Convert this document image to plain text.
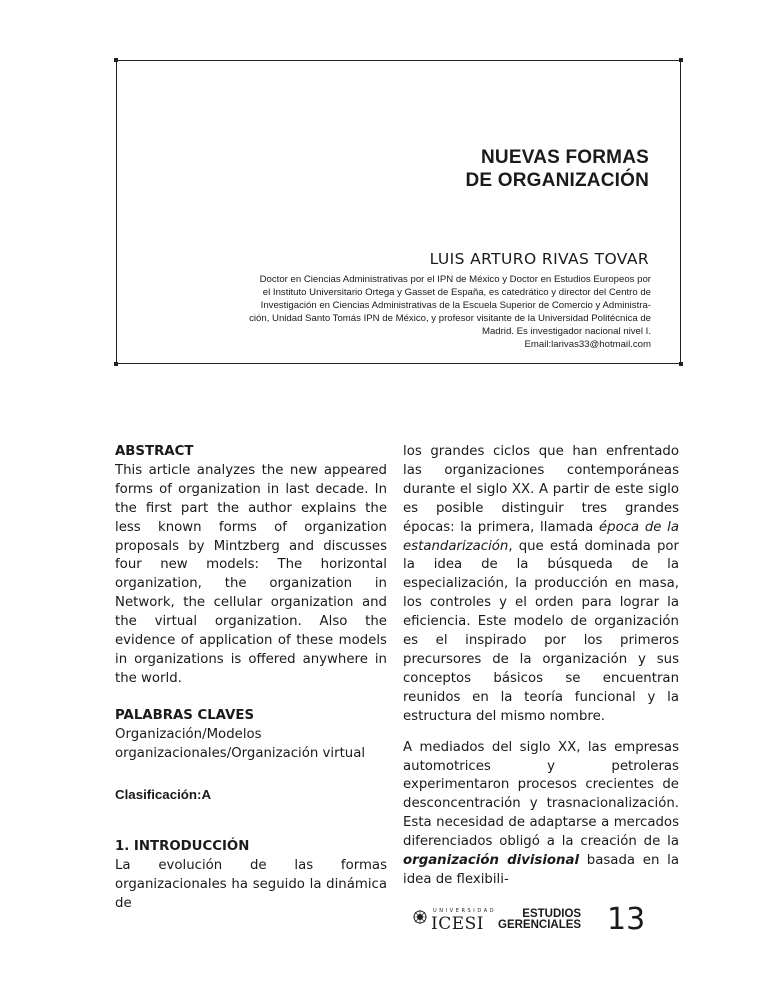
NUEVAS FORMAS
DE ORGANIZACIÓN
LUIS ARTURO RIVAS TOVAR
Doctor en Ciencias Administrativas por el IPN de México y Doctor en Estudios Europeos por
el Instituto Universitario Ortega y Gasset de España, es catedrático y director del Centro de
Investigación en Ciencias Administrativas de la Escuela Superior de Comercio y Administra-
ción, Unidad Santo Tomás IPN de México, y profesor visitante de la Universidad Politécnica de
Madrid. Es investigador nacional nivel I.
Email:larivas33@hotmail.com
ABSTRACT

This article analyzes the new appeared forms of organization in last decade. In the first part the author explains the less known forms of organization proposals by Mintzberg and discusses four new models: The horizontal organization, the organization in Network, the cellular organization and the virtual organization. Also the evidence of application of these models in organizations is offered anywhere in the world.

PALABRAS CLAVES

Organización/Modelos organizacionales/Organización virtual

Clasificación:A
1. INTRODUCCIÓN

La evolución de las formas organizacionales ha seguido la dinámica de

los grandes ciclos que han enfrentado las organizaciones contemporáneas durante el siglo XX. A partir de este siglo es posible distinguir tres grandes épocas: la primera, llamada época de la estandarización, que está dominada por la idea de la búsqueda de la especialización, la producción en masa, los controles y el orden para lograr la eficiencia. Este modelo de organización es el inspirado por los primeros precursores de la organización y sus conceptos básicos se encuentran reunidos en la teoría funcional y la estructura del mismo nombre.

A mediados del siglo XX, las empresas automotrices y petroleras experimentaron procesos crecientes de desconcentración y trasnacionalización. Esta necesidad de adaptarse a mercados diferenciados obligó a la creación de la organización divisional basada en la idea de flexibili-

UNIVERSIDAD
ICESI	ESTUDIOS
GERENCIALES 13
